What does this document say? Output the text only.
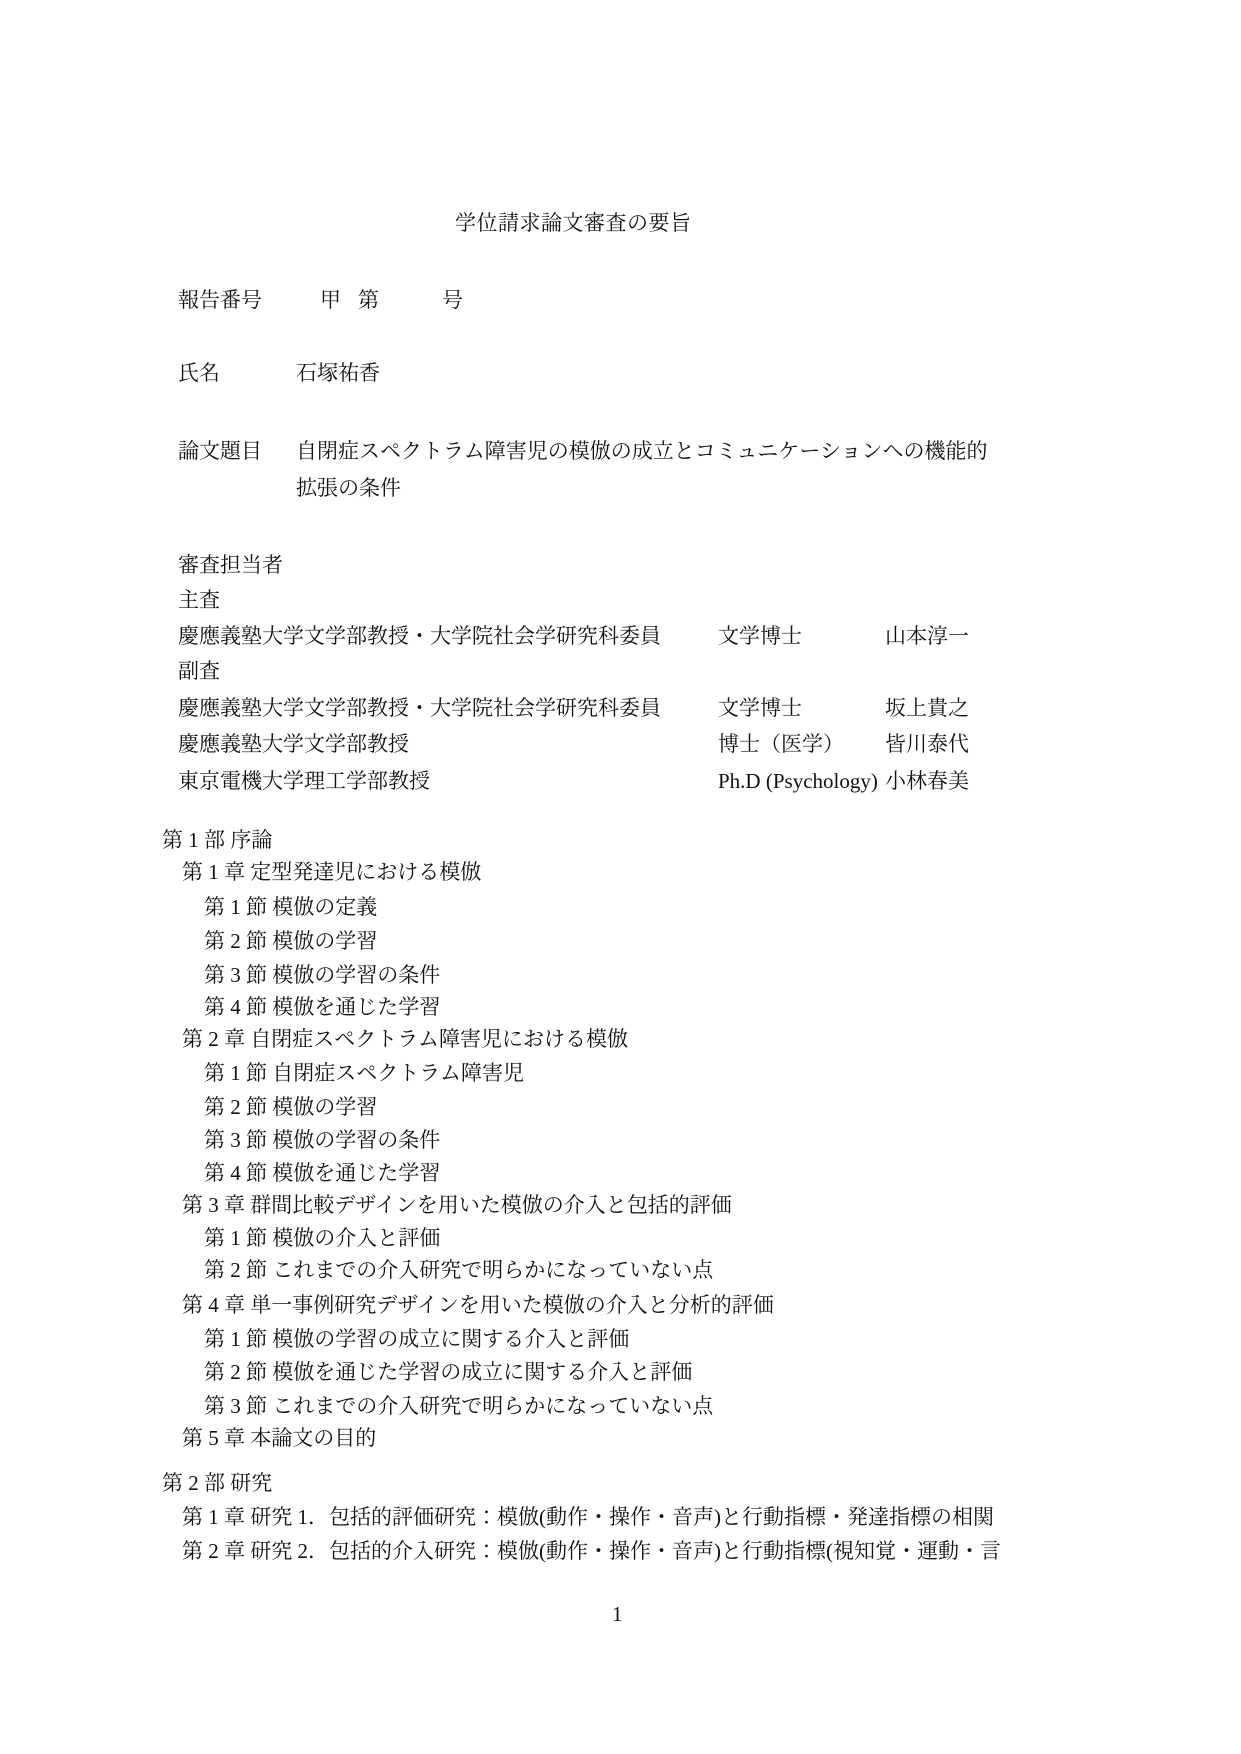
学位請求論文審査の要旨
報告番号	甲 第	号
氏名	石塚祐香
論文題目 自閉症スペクトラム障害児の模倣の成立とコミュニケーションへの機能的
拡張の条件
審査担当者
主査
慶應義塾大学文学部教授・大学院社会学研究科委員	文学博士	山本淳一
副査
慶應義塾大学文学部教授・大学院社会学研究科委員	文学博士	坂上貴之
慶應義塾大学文学部教授	博士（医学） 皆川泰代
東京電機大学理工学部教授	Ph.D (Psychology) 小林春美
第 1 部 序論
第 1 章 定型発達児における模倣
第 1 節 模倣の定義
第 2 節 模倣の学習
第 3 節 模倣の学習の条件
第 4 節 模倣を通じた学習
第 2 章 自閉症スペクトラム障害児における模倣
第 1 節 自閉症スペクトラム障害児
第 2 節 模倣の学習
第 3 節 模倣の学習の条件
第 4 節 模倣を通じた学習
第 3 章 群間比較デザインを用いた模倣の介入と包括的評価
第 1 節 模倣の介入と評価
第 2 節 これまでの介入研究で明らかになっていない点
第 4 章 単一事例研究デザインを用いた模倣の介入と分析的評価
第 1 節 模倣の学習の成立に関する介入と評価
第 2 節 模倣を通じた学習の成立に関する介入と評価
第 3 節 これまでの介入研究で明らかになっていない点
第 5 章 本論文の目的
第 2 部 研究
第 1 章 研究 1．包括的評価研究：模倣(動作・操作・音声)と行動指標・発達指標の相関
第 2 章 研究 2．包括的介入研究：模倣(動作・操作・音声)と行動指標(視知覚・運動・言
1
